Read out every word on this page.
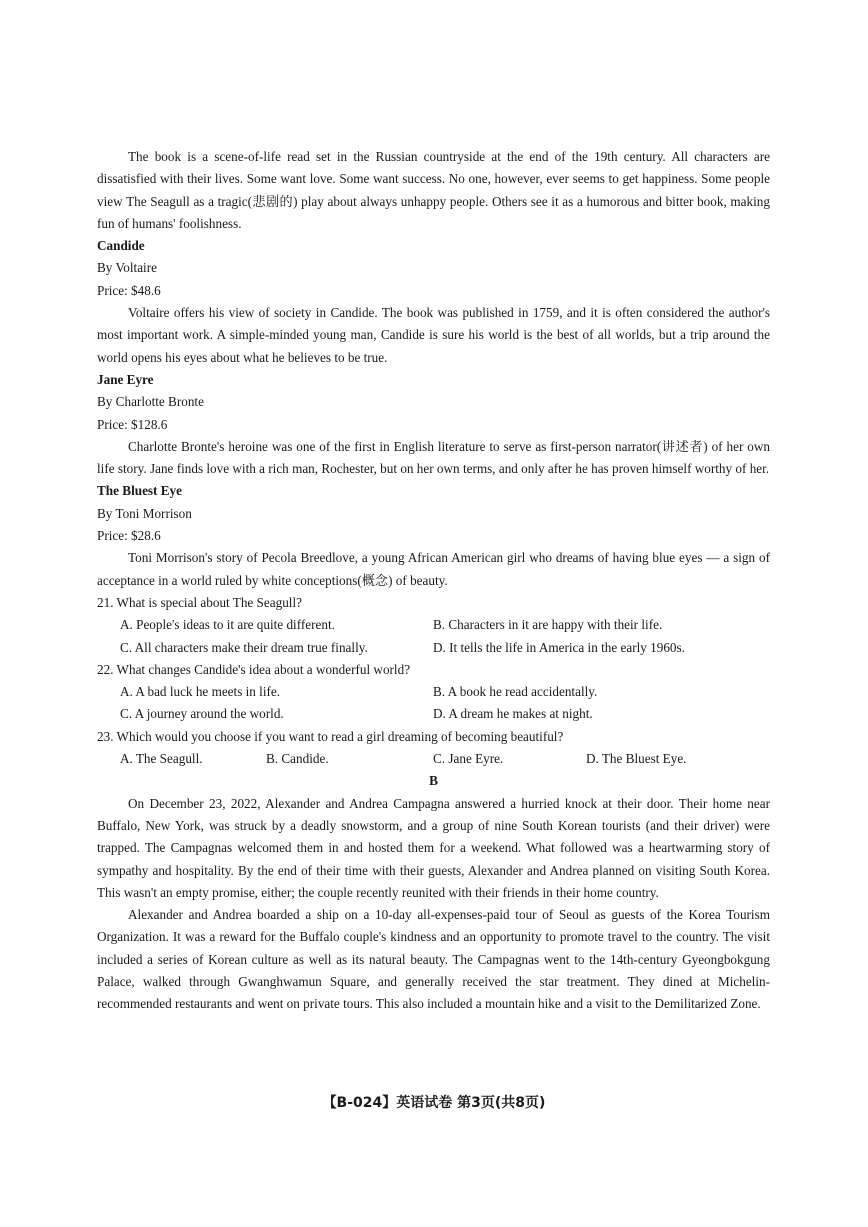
The book is a scene-of-life read set in the Russian countryside at the end of the 19th century. All characters are dissatisfied with their lives. Some want love. Some want success. No one, however, ever seems to get happiness. Some people view The Seagull as a tragic(悲剧的) play about always unhappy people. Others see it as a humorous and bitter book, making fun of humans' foolishness.

Candide

By Voltaire

Price: $48.6

Voltaire offers his view of society in Candide. The book was published in 1759, and it is often considered the author's most important work. A simple-minded young man, Candide is sure his world is the best of all worlds, but a trip around the world opens his eyes about what he believes to be true.

Jane Eyre

By Charlotte Bronte

Price: $128.6

Charlotte Bronte's heroine was one of the first in English literature to serve as first-person narrator(讲述者) of her own life story. Jane finds love with a rich man, Rochester, but on her own terms, and only after he has proven himself worthy of her.

The Bluest Eye

By Toni Morrison

Price: $28.6

Toni Morrison's story of Pecola Breedlove, a young African American girl who dreams of having blue eyes — a sign of acceptance in a world ruled by white conceptions(概念) of beauty.

21. What is special about The Seagull?

A. People's ideas to it are quite different.	B. Characters in it are happy with their life.
C. All characters make their dream true finally.	D. It tells the life in America in the early 1960s.

22. What changes Candide's idea about a wonderful world?

A. A bad luck he meets in life.	B. A book he read accidentally.
C. A journey around the world.	D. A dream he makes at night.

23. Which would you choose if you want to read a girl dreaming of becoming beautiful?

A. The Seagull.	B. Candide.	C. Jane Eyre.	D. The Bluest Eye.

B

On December 23, 2022, Alexander and Andrea Campagna answered a hurried knock at their door. Their home near Buffalo, New York, was struck by a deadly snowstorm, and a group of nine South Korean tourists (and their driver) were trapped. The Campagnas welcomed them in and hosted them for a weekend. What followed was a heartwarming story of sympathy and hospitality. By the end of their time with their guests, Alexander and Andrea planned on visiting South Korea. This wasn't an empty promise, either; the couple recently reunited with their friends in their home country.

Alexander and Andrea boarded a ship on a 10-day all-expenses-paid tour of Seoul as guests of the Korea Tourism Organization. It was a reward for the Buffalo couple's kindness and an opportunity to promote travel to the country. The visit included a series of Korean culture as well as its natural beauty. The Campagnas went to the 14th-century Gyeongbokgung Palace, walked through Gwanghwamun Square, and generally received the star treatment. They dined at Michelin-recommended restaurants and went on private tours. This also included a mountain hike and a visit to the Demilitarized Zone.

【B-024】英语试卷 第3页(共8页)
